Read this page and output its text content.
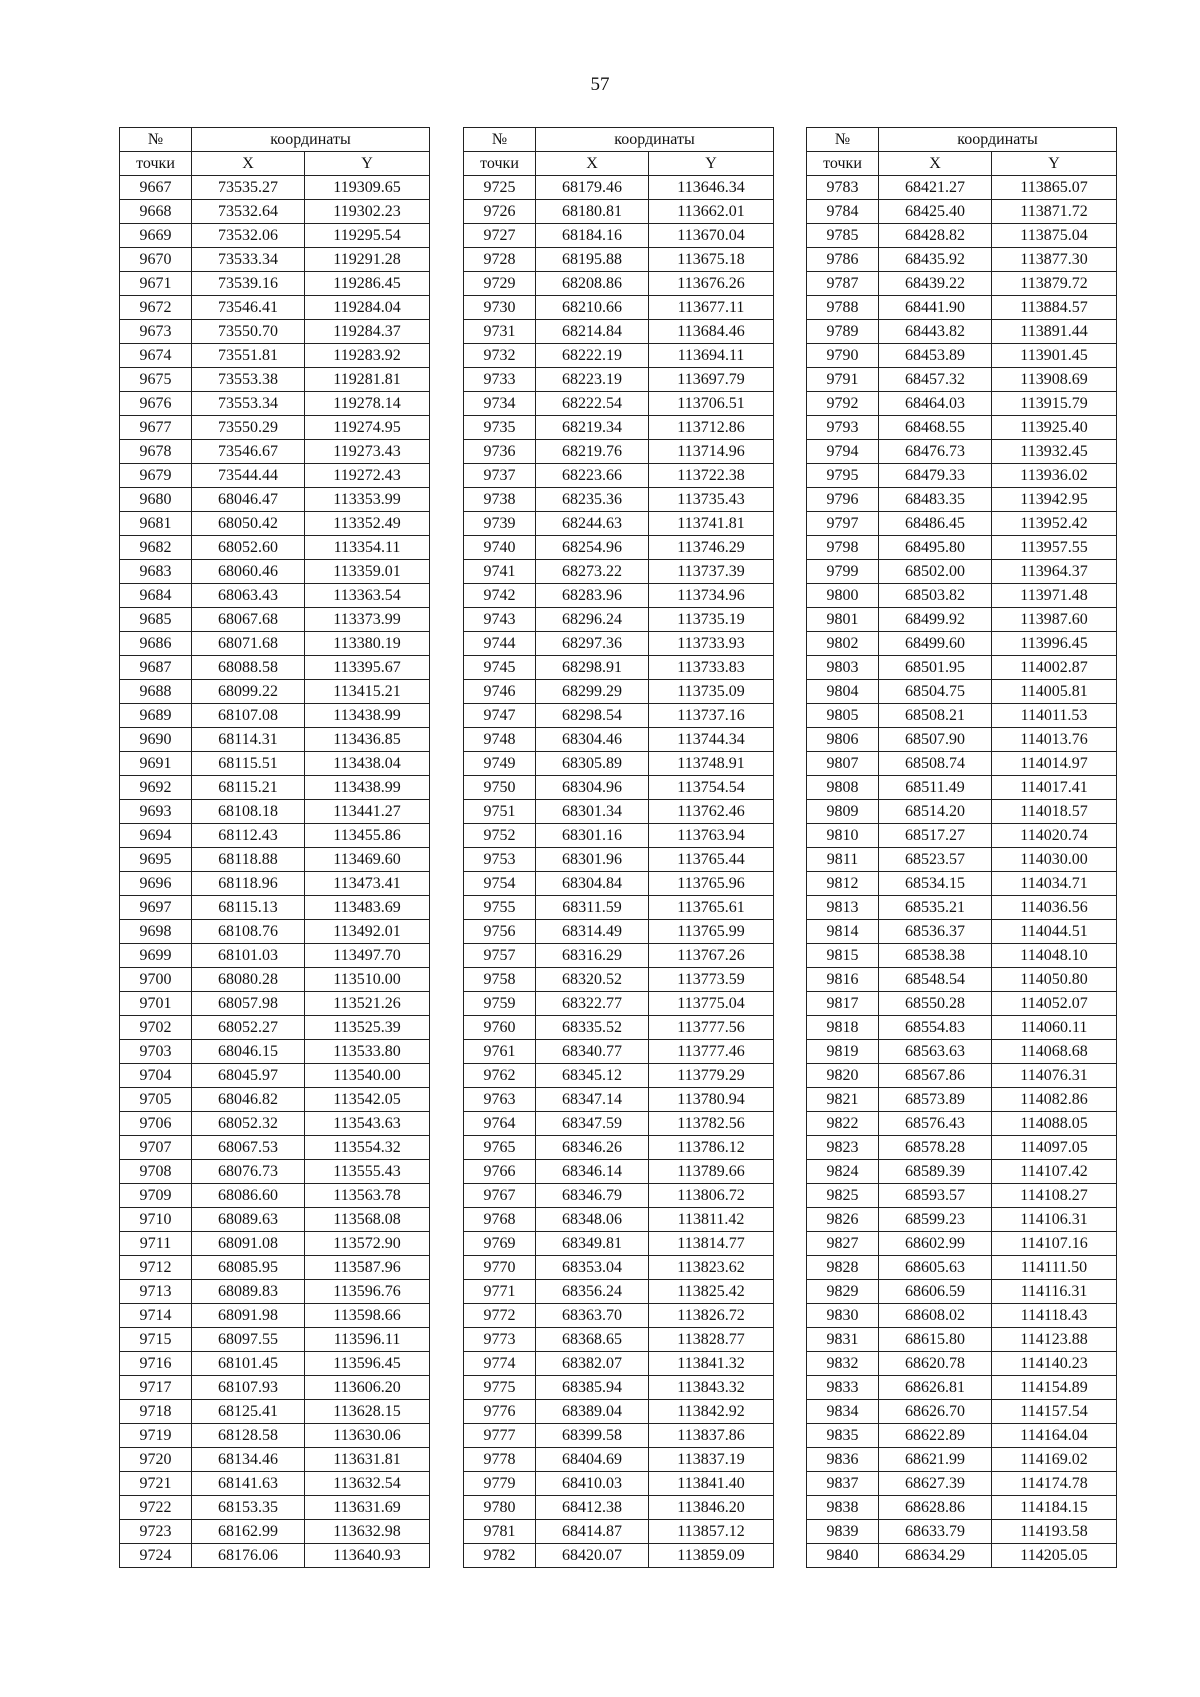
57
№	координаты	
точки	X	Y
9667	73535.27	119309.65
9668	73532.64	119302.23
9669	73532.06	119295.54
9670	73533.34	119291.28
9671	73539.16	119286.45
9672	73546.41	119284.04
9673	73550.70	119284.37
9674	73551.81	119283.92
9675	73553.38	119281.81
9676	73553.34	119278.14
9677	73550.29	119274.95
9678	73546.67	119273.43
9679	73544.44	119272.43
9680	68046.47	113353.99
9681	68050.42	113352.49
9682	68052.60	113354.11
9683	68060.46	113359.01
9684	68063.43	113363.54
9685	68067.68	113373.99
9686	68071.68	113380.19
9687	68088.58	113395.67
9688	68099.22	113415.21
9689	68107.08	113438.99
9690	68114.31	113436.85
9691	68115.51	113438.04
9692	68115.21	113438.99
9693	68108.18	113441.27
9694	68112.43	113455.86
9695	68118.88	113469.60
9696	68118.96	113473.41
9697	68115.13	113483.69
9698	68108.76	113492.01
9699	68101.03	113497.70
9700	68080.28	113510.00
9701	68057.98	113521.26
9702	68052.27	113525.39
9703	68046.15	113533.80
9704	68045.97	113540.00
9705	68046.82	113542.05
9706	68052.32	113543.63
9707	68067.53	113554.32
9708	68076.73	113555.43
9709	68086.60	113563.78
9710	68089.63	113568.08
9711	68091.08	113572.90
9712	68085.95	113587.96
9713	68089.83	113596.76
9714	68091.98	113598.66
9715	68097.55	113596.11
9716	68101.45	113596.45
9717	68107.93	113606.20
9718	68125.41	113628.15
9719	68128.58	113630.06
9720	68134.46	113631.81
9721	68141.63	113632.54
9722	68153.35	113631.69
9723	68162.99	113632.98
9724	68176.06	113640.93
№	координаты	
точки	X	Y
9725	68179.46	113646.34
9726	68180.81	113662.01
9727	68184.16	113670.04
9728	68195.88	113675.18
9729	68208.86	113676.26
9730	68210.66	113677.11
9731	68214.84	113684.46
9732	68222.19	113694.11
9733	68223.19	113697.79
9734	68222.54	113706.51
9735	68219.34	113712.86
9736	68219.76	113714.96
9737	68223.66	113722.38
9738	68235.36	113735.43
9739	68244.63	113741.81
9740	68254.96	113746.29
9741	68273.22	113737.39
9742	68283.96	113734.96
9743	68296.24	113735.19
9744	68297.36	113733.93
9745	68298.91	113733.83
9746	68299.29	113735.09
9747	68298.54	113737.16
9748	68304.46	113744.34
9749	68305.89	113748.91
9750	68304.96	113754.54
9751	68301.34	113762.46
9752	68301.16	113763.94
9753	68301.96	113765.44
9754	68304.84	113765.96
9755	68311.59	113765.61
9756	68314.49	113765.99
9757	68316.29	113767.26
9758	68320.52	113773.59
9759	68322.77	113775.04
9760	68335.52	113777.56
9761	68340.77	113777.46
9762	68345.12	113779.29
9763	68347.14	113780.94
9764	68347.59	113782.56
9765	68346.26	113786.12
9766	68346.14	113789.66
9767	68346.79	113806.72
9768	68348.06	113811.42
9769	68349.81	113814.77
9770	68353.04	113823.62
9771	68356.24	113825.42
9772	68363.70	113826.72
9773	68368.65	113828.77
9774	68382.07	113841.32
9775	68385.94	113843.32
9776	68389.04	113842.92
9777	68399.58	113837.86
9778	68404.69	113837.19
9779	68410.03	113841.40
9780	68412.38	113846.20
9781	68414.87	113857.12
9782	68420.07	113859.09
№	координаты	
точки	X	Y
9783	68421.27	113865.07
9784	68425.40	113871.72
9785	68428.82	113875.04
9786	68435.92	113877.30
9787	68439.22	113879.72
9788	68441.90	113884.57
9789	68443.82	113891.44
9790	68453.89	113901.45
9791	68457.32	113908.69
9792	68464.03	113915.79
9793	68468.55	113925.40
9794	68476.73	113932.45
9795	68479.33	113936.02
9796	68483.35	113942.95
9797	68486.45	113952.42
9798	68495.80	113957.55
9799	68502.00	113964.37
9800	68503.82	113971.48
9801	68499.92	113987.60
9802	68499.60	113996.45
9803	68501.95	114002.87
9804	68504.75	114005.81
9805	68508.21	114011.53
9806	68507.90	114013.76
9807	68508.74	114014.97
9808	68511.49	114017.41
9809	68514.20	114018.57
9810	68517.27	114020.74
9811	68523.57	114030.00
9812	68534.15	114034.71
9813	68535.21	114036.56
9814	68536.37	114044.51
9815	68538.38	114048.10
9816	68548.54	114050.80
9817	68550.28	114052.07
9818	68554.83	114060.11
9819	68563.63	114068.68
9820	68567.86	114076.31
9821	68573.89	114082.86
9822	68576.43	114088.05
9823	68578.28	114097.05
9824	68589.39	114107.42
9825	68593.57	114108.27
9826	68599.23	114106.31
9827	68602.99	114107.16
9828	68605.63	114111.50
9829	68606.59	114116.31
9830	68608.02	114118.43
9831	68615.80	114123.88
9832	68620.78	114140.23
9833	68626.81	114154.89
9834	68626.70	114157.54
9835	68622.89	114164.04
9836	68621.99	114169.02
9837	68627.39	114174.78
9838	68628.86	114184.15
9839	68633.79	114193.58
9840	68634.29	114205.05
